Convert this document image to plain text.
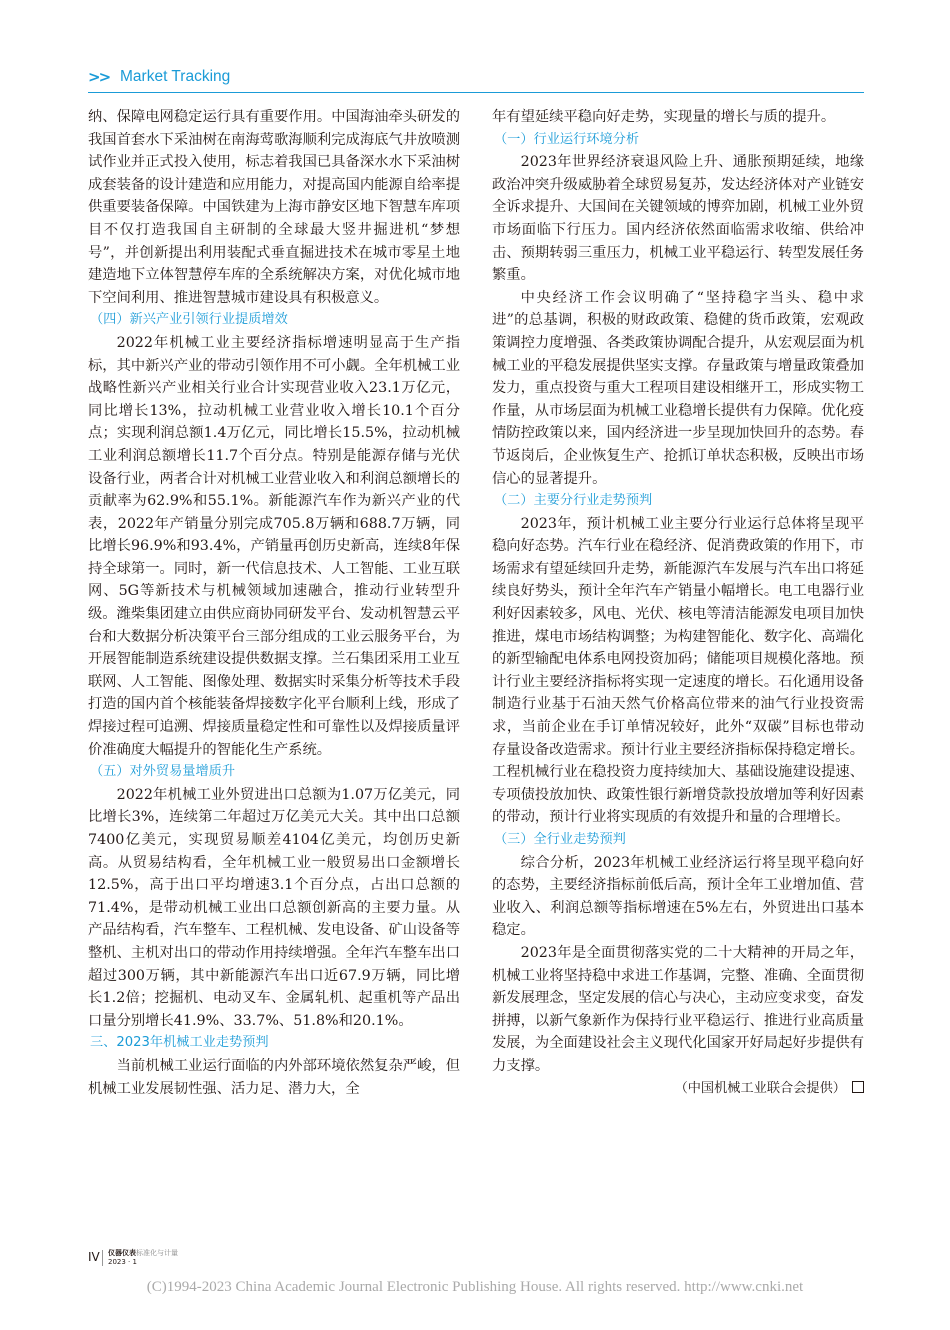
>> Market Tracking

纳、保障电网稳定运行具有重要作用。中国海油牵头研发的我国首套水下采油树在南海莺歌海顺利完成海底气井放喷测试作业并正式投入使用，标志着我国已具备深水水下采油树成套装备的设计建造和应用能力，对提高国内能源自给率提供重要装备保障。中国铁建为上海市静安区地下智慧车库项目不仅打造我国自主研制的全球最大竖井掘进机“梦想号”，并创新提出利用装配式垂直掘进技术在城市零星土地建造地下立体智慧停车库的全系统解决方案，对优化城市地下空间利用、推进智慧城市建设具有积极意义。

（四）新兴产业引领行业提质增效

2022年机械工业主要经济指标增速明显高于生产指标，其中新兴产业的带动引领作用不可小觑。全年机械工业战略性新兴产业相关行业合计实现营业收入23.1万亿元，同比增长13%，拉动机械工业营业收入增长10.1个百分点；实现利润总额1.4万亿元，同比增长15.5%，拉动机械工业利润总额增长11.7个百分点。特别是能源存储与光伏设备行业，两者合计对机械工业营业收入和利润总额增长的贡献率为62.9%和55.1%。新能源汽车作为新兴产业的代表，2022年产销量分别完成705.8万辆和688.7万辆，同比增长96.9%和93.4%，产销量再创历史新高，连续8年保持全球第一。同时，新一代信息技术、人工智能、工业互联网、5G等新技术与机械领域加速融合，推动行业转型升级。潍柴集团建立由供应商协同研发平台、发动机智慧云平台和大数据分析决策平台三部分组成的工业云服务平台，为开展智能制造系统建设提供数据支撑。兰石集团采用工业互联网、人工智能、图像处理、数据实时采集分析等技术手段打造的国内首个核能装备焊接数字化平台顺利上线，形成了焊接过程可追溯、焊接质量稳定性和可靠性以及焊接质量评价准确度大幅提升的智能化生产系统。

（五）对外贸易量增质升

2022年机械工业外贸进出口总额为1.07万亿美元，同比增长3%，连续第二年超过万亿美元大关。其中出口总额7400亿美元，实现贸易顺差4104亿美元，均创历史新高。从贸易结构看，全年机械工业一般贸易出口金额增长12.5%，高于出口平均增速3.1个百分点，占出口总额的71.4%，是带动机械工业出口总额创新高的主要力量。从产品结构看，汽车整车、工程机械、发电设备、矿山设备等整机、主机对出口的带动作用持续增强。全年汽车整车出口超过300万辆，其中新能源汽车出口近67.9万辆，同比增长1.2倍；挖掘机、电动叉车、金属轧机、起重机等产品出口量分别增长41.9%、33.7%、51.8%和20.1%。

三、2023年机械工业走势预判

当前机械工业运行面临的内外部环境依然复杂严峻，但机械工业发展韧性强、活力足、潜力大，全

年有望延续平稳向好走势，实现量的增长与质的提升。

（一）行业运行环境分析

2023年世界经济衰退风险上升、通胀预期延续，地缘政治冲突升级威胁着全球贸易复苏，发达经济体对产业链安全诉求提升、大国间在关键领域的博弈加剧，机械工业外贸市场面临下行压力。国内经济依然面临需求收缩、供给冲击、预期转弱三重压力，机械工业平稳运行、转型发展任务繁重。

中央经济工作会议明确了“坚持稳字当头、稳中求进”的总基调，积极的财政政策、稳健的货币政策，宏观政策调控力度增强、各类政策协调配合提升，从宏观层面为机械工业的平稳发展提供坚实支撑。存量政策与增量政策叠加发力，重点投资与重大工程项目建设相继开工，形成实物工作量，从市场层面为机械工业稳增长提供有力保障。优化疫情防控政策以来，国内经济进一步呈现加快回升的态势。春节返岗后，企业恢复生产、抢抓订单状态积极，反映出市场信心的显著提升。

（二）主要分行业走势预判

2023年，预计机械工业主要分行业运行总体将呈现平稳向好态势。汽车行业在稳经济、促消费政策的作用下，市场需求有望延续回升走势，新能源汽车发展与汽车出口将延续良好势头，预计全年汽车产销量小幅增长。电工电器行业利好因素较多，风电、光伏、核电等清洁能源发电项目加快推进，煤电市场结构调整；为构建智能化、数字化、高端化的新型输配电体系电网投资加码；储能项目规模化落地。预计行业主要经济指标将实现一定速度的增长。石化通用设备制造行业基于石油天然气价格高位带来的油气行业投资需求，当前企业在手订单情况较好，此外“双碳”目标也带动存量设备改造需求。预计行业主要经济指标保持稳定增长。工程机械行业在稳投资力度持续加大、基础设施建设提速、专项债投放加快、政策性银行新增贷款投放增加等利好因素的带动，预计行业将实现质的有效提升和量的合理增长。

（三）全行业走势预判

综合分析，2023年机械工业经济运行将呈现平稳向好的态势，主要经济指标前低后高，预计全年工业增加值、营业收入、利润总额等指标增速在5%左右，外贸进出口基本稳定。

2023年是全面贯彻落实党的二十大精神的开局之年，机械工业将坚持稳中求进工作基调，完整、准确、全面贯彻新发展理念，坚定发展的信心与决心，主动应变求变，奋发拼搏，以新气象新作为保持行业平稳运行、推进行业高质量发展，为全面建设社会主义现代化国家开好局起好步提供有力支撑。

（中国机械工业联合会提供）

IV 仪器仪表标准化与计量
2023 · 1
(C)1994-2023 China Academic Journal Electronic Publishing House. All rights reserved. http://www.cnki.net
